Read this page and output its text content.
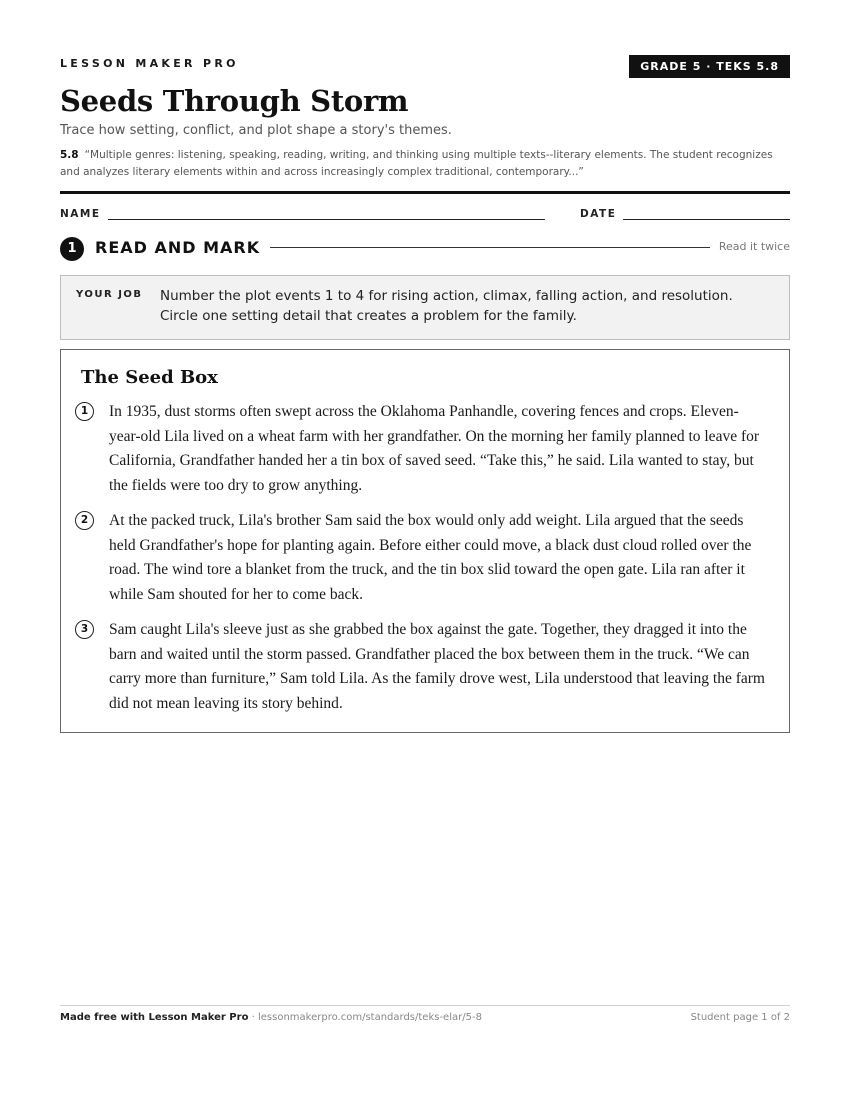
LESSON MAKER PRO	GRADE 5 · TEKS 5.8
Seeds Through Storm
Trace how setting, conflict, and plot shape a story's themes.
5.8 “Multiple genres: listening, speaking, reading, writing, and thinking using multiple texts--literary elements. The student recognizes and analyzes literary elements within and across increasingly complex traditional, contemporary...”
NAME	DATE
1	READ AND MARK	Read it twice
YOUR JOB Number the plot events 1 to 4 for rising action, climax, falling action, and resolution. Circle one setting detail that creates a problem for the family.
The Seed Box
1	In 1935, dust storms often swept across the Oklahoma Panhandle, covering fences and crops. Eleven-year-old Lila lived on a wheat farm with her grandfather. On the morning her family planned to leave for California, Grandfather handed her a tin box of saved seed. “Take this,” he said. Lila wanted to stay, but the fields were too dry to grow anything.
2	At the packed truck, Lila's brother Sam said the box would only add weight. Lila argued that the seeds held Grandfather's hope for planting again. Before either could move, a black dust cloud rolled over the road. The wind tore a blanket from the truck, and the tin box slid toward the open gate. Lila ran after it while Sam shouted for her to come back.
3	Sam caught Lila's sleeve just as she grabbed the box against the gate. Together, they dragged it into the barn and waited until the storm passed. Grandfather placed the box between them in the truck. “We can carry more than furniture,” Sam told Lila. As the family drove west, Lila understood that leaving the farm did not mean leaving its story behind.
Made free with Lesson Maker Pro · lessonmakerpro.com/standards/teks-elar/5-8	Student page 1 of 2
